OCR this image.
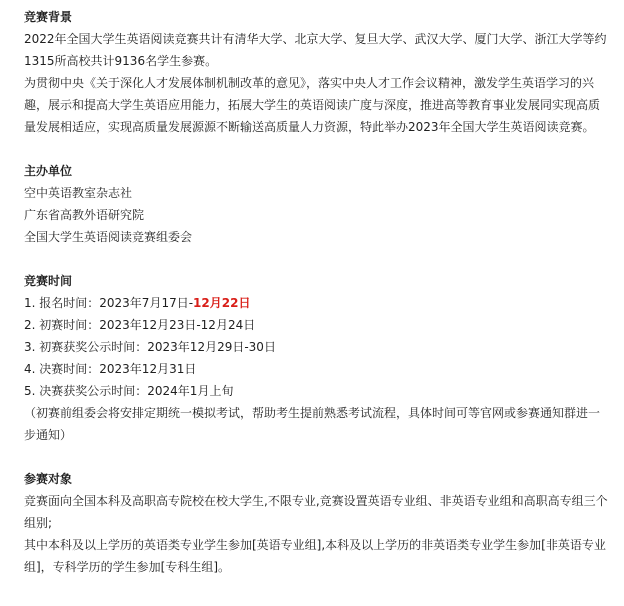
竞赛背景

2022年全国大学生英语阅读竞赛共计有清华大学、北京大学、复旦大学、武汉大学、厦门大学、浙江大学等约1315所高校共计9136名学生参赛。

为贯彻中央《关于深化人才发展体制机制改革的意见》，落实中央人才工作会议精神，激发学生英语学习的兴趣，展示和提高大学生英语应用能力，拓展大学生的英语阅读广度与深度，推进高等教育事业发展同实现高质量发展相适应，实现高质量发展源源不断输送高质量人力资源，特此举办2023年全国大学生英语阅读竞赛。

主办单位
空中英语教室杂志社
广东省高教外语研究院
全国大学生英语阅读竞赛组委会
竞赛时间
1. 报名时间：2023年7月17日-12月22日
2. 初赛时间：2023年12月23日-12月24日
3. 初赛获奖公示时间：2023年12月29日-30日
4. 决赛时间：2023年12月31日
5. 决赛获奖公示时间：2024年1月上旬

（初赛前组委会将安排定期统一模拟考试，帮助考生提前熟悉考试流程，具体时间可等官网或参赛通知群进一步通知）

参赛对象

竞赛面向全国本科及高职高专院校在校大学生,不限专业,竞赛设置英语专业组、非英语专业组和高职高专组三个组别;

其中本科及以上学历的英语类专业学生参加[英语专业组],本科及以上学历的非英语类专业学生参加[非英语专业组]，专科学历的学生参加[专科生组]。
